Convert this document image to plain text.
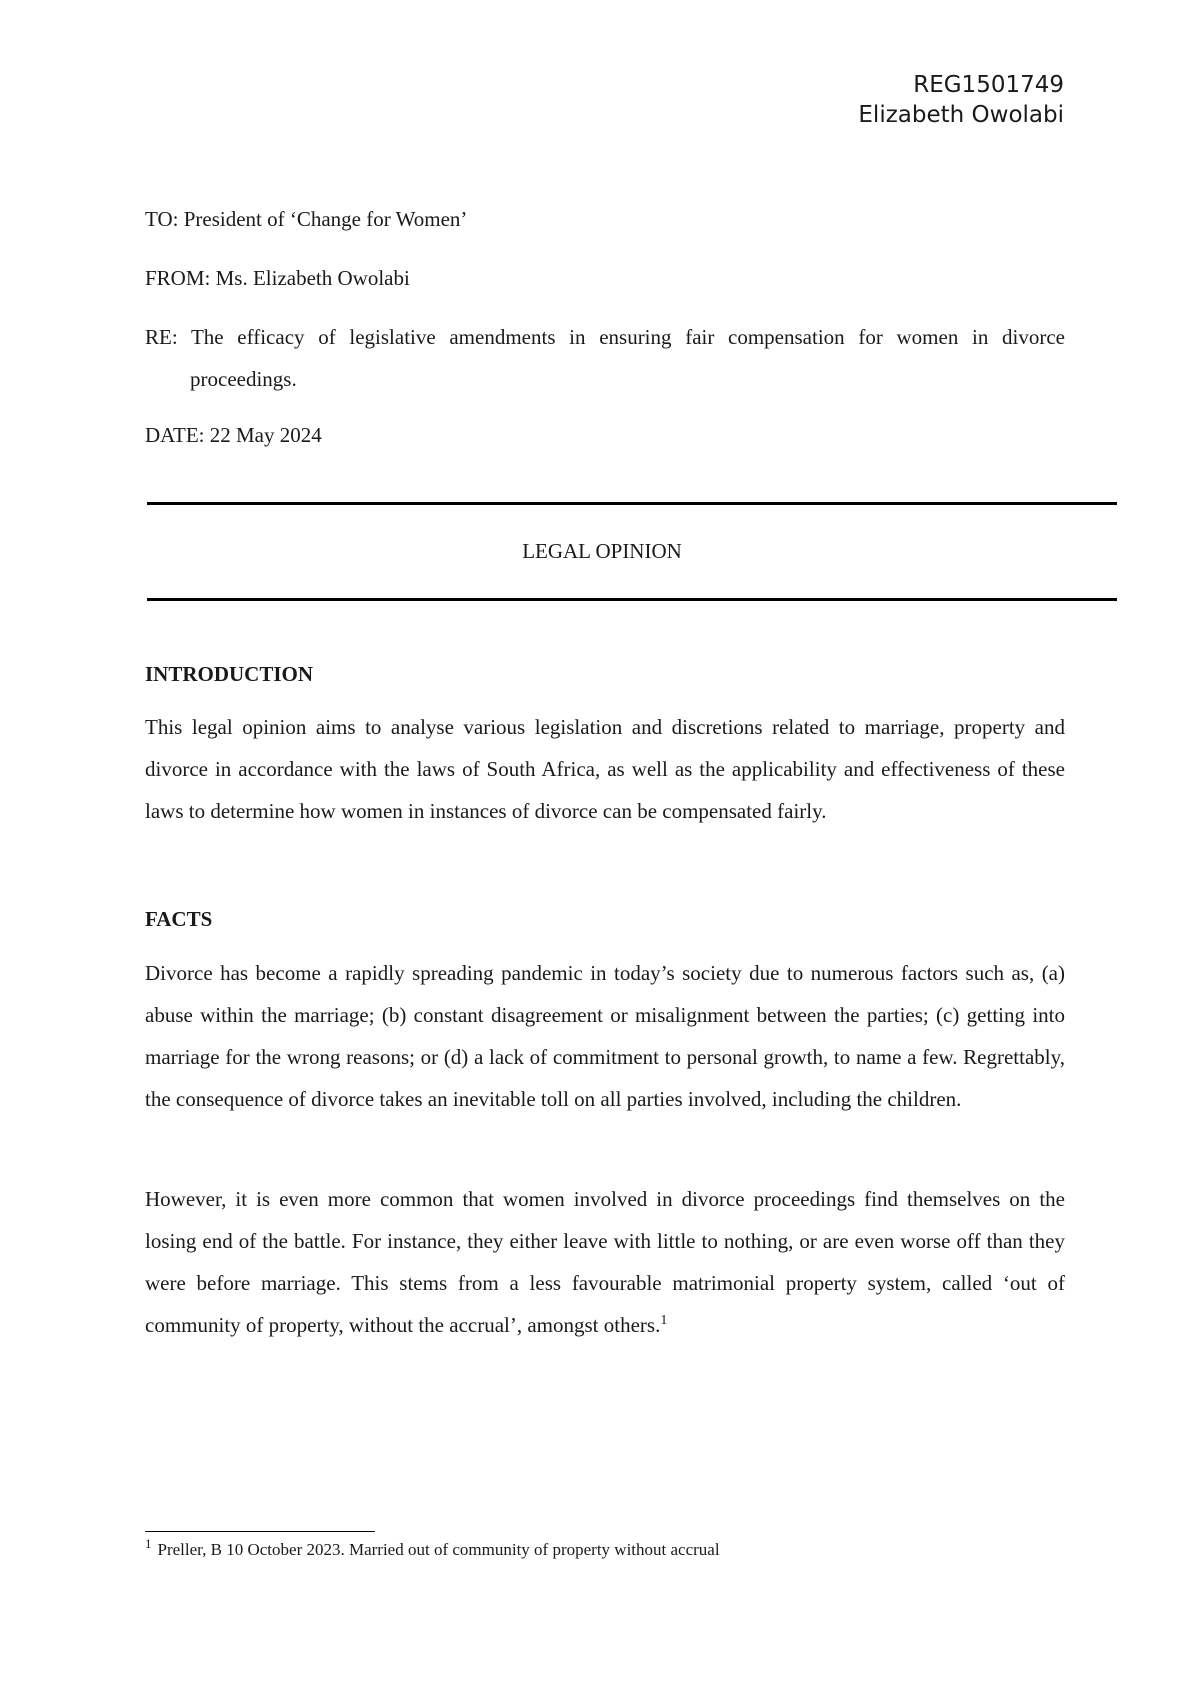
REG1501749
Elizabeth Owolabi
TO: President of ‘Change for Women’
FROM: Ms. Elizabeth Owolabi
RE: The efficacy of legislative amendments in ensuring fair compensation for women in divorce proceedings.
DATE: 22 May 2024
LEGAL OPINION
INTRODUCTION
This legal opinion aims to analyse various legislation and discretions related to marriage, property and divorce in accordance with the laws of South Africa, as well as the applicability and effectiveness of these laws to determine how women in instances of divorce can be compensated fairly.
FACTS
Divorce has become a rapidly spreading pandemic in today’s society due to numerous factors such as, (a) abuse within the marriage; (b) constant disagreement or misalignment between the parties; (c) getting into marriage for the wrong reasons; or (d) a lack of commitment to personal growth, to name a few. Regrettably, the consequence of divorce takes an inevitable toll on all parties involved, including the children.
However, it is even more common that women involved in divorce proceedings find themselves on the losing end of the battle. For instance, they either leave with little to nothing, or are even worse off than they were before marriage. This stems from a less favourable matrimonial property system, called ‘out of community of property, without the accrual’, amongst others.$^1$
$^1$ Preller, B 10 October 2023. Married out of community of property without accrual
